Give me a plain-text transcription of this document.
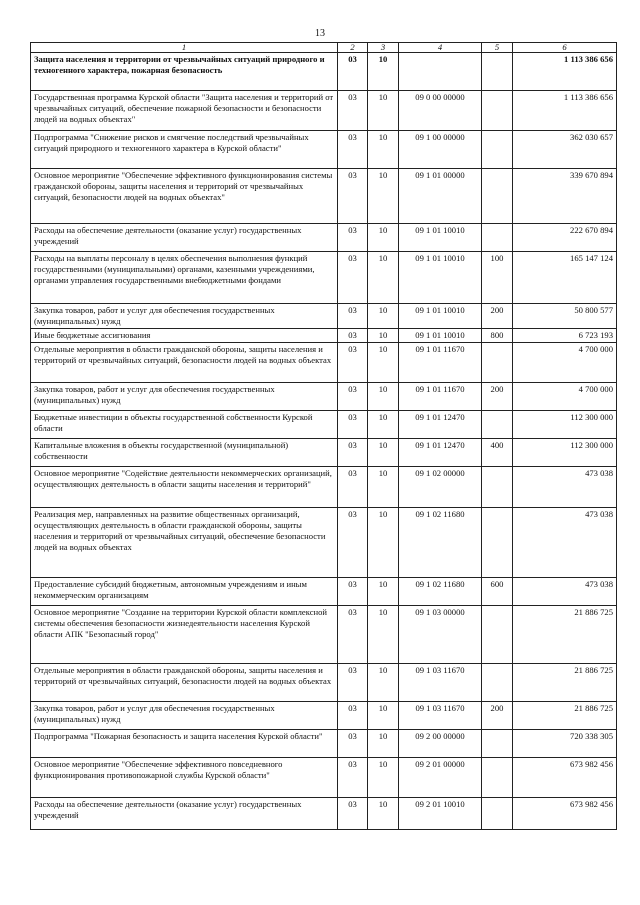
13
1	2	3	4	5	6
Защита населения и территории от чрезвычайных ситуаций природного и техногенного характера, пожарная безопасность	03	10			1 113 386 656
Государственная программа Курской области "Защита населения и территорий от чрезвычайных ситуаций, обеспечение пожарной безопасности и безопасности людей на водных объектах"	03	10	09 0 00 00000		1 113 386 656
Подпрограмма "Снижение рисков и смягчение последствий чрезвычайных ситуаций природного и техногенного характера в Курской области"	03	10	09 1 00 00000		362 030 657
Основное мероприятие "Обеспечение эффективного функционирования системы гражданской обороны, защиты населения и территорий от чрезвычайных ситуаций, безопасности людей на водных объектах"	03	10	09 1 01 00000		339 670 894
Расходы на обеспечение деятельности (оказание услуг) государственных учреждений	03	10	09 1 01 10010		222 670 894
Расходы на выплаты персоналу в целях обеспечения выполнения функций государственными (муниципальными) органами, казенными учреждениями, органами управления государственными внебюджетными фондами	03	10	09 1 01 10010	100	165 147 124
Закупка товаров, работ и услуг для обеспечения государственных (муниципальных) нужд	03	10	09 1 01 10010	200	50 800 577
Иные бюджетные ассигнования	03	10	09 1 01 10010	800	6 723 193
Отдельные мероприятия в области гражданской обороны, защиты населения и территорий от чрезвычайных ситуаций, безопасности людей на водных объектах	03	10	09 1 01 11670		4 700 000
Закупка товаров, работ и услуг для обеспечения государственных (муниципальных) нужд	03	10	09 1 01 11670	200	4 700 000
Бюджетные инвестиции в объекты государственной собственности Курской области	03	10	09 1 01 12470		112 300 000
Капитальные вложения в объекты государственной (муниципальной) собственности	03	10	09 1 01 12470	400	112 300 000
Основное мероприятие "Содействие деятельности некоммерческих организаций, осуществляющих деятельность в области защиты населения и территорий"	03	10	09 1 02 00000		473 038
Реализация мер, направленных на развитие общественных организаций, осуществляющих деятельность в области гражданской обороны, защиты населения и территорий от чрезвычайных ситуаций, обеспечение безопасности людей на водных объектах	03	10	09 1 02 11680		473 038
Предоставление субсидий бюджетным, автономным учреждениям и иным некоммерческим организациям	03	10	09 1 02 11680	600	473 038
Основное мероприятие "Создание на территории Курской области комплексной системы обеспечения безопасности жизнедеятельности населения Курской области АПК "Безопасный город"	03	10	09 1 03 00000		21 886 725
Отдельные мероприятия в области гражданской обороны, защиты населения и территорий от чрезвычайных ситуаций, безопасности людей на водных объектах	03	10	09 1 03 11670		21 886 725
Закупка товаров, работ и услуг для обеспечения государственных (муниципальных) нужд	03	10	09 1 03 11670	200	21 886 725
Подпрограмма "Пожарная безопасность и защита населения Курской области"	03	10	09 2 00 00000		720 338 305
Основное мероприятие "Обеспечение эффективного повседневного функционирования противопожарной службы Курской области"	03	10	09 2 01 00000		673 982 456
Расходы на обеспечение деятельности (оказание услуг) государственных учреждений	03	10	09 2 01 10010		673 982 456
